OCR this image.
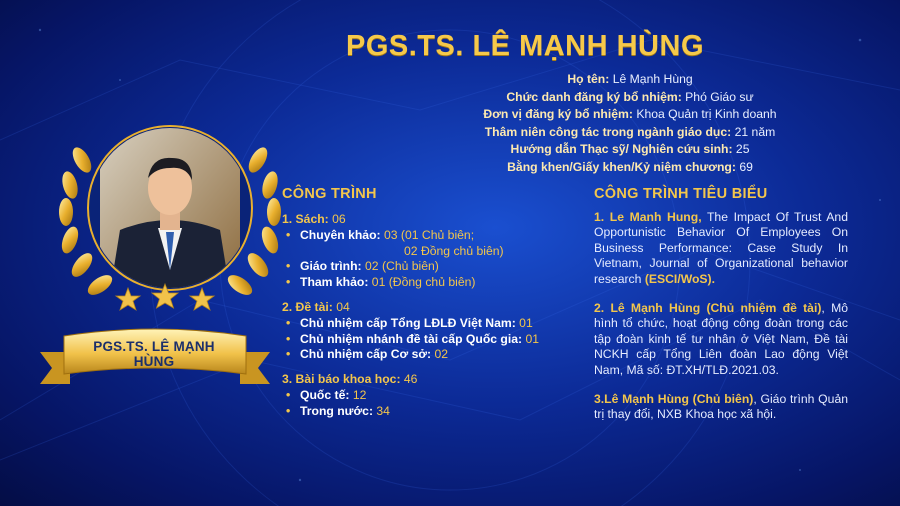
PGS.TS. LÊ MẠNH HÙNG
Họ tên: Lê Mạnh Hùng
Chức danh đăng ký bổ nhiệm: Phó Giáo sư
Đơn vị đăng ký bổ nhiệm: Khoa Quản trị Kinh doanh
Thâm niên công tác trong ngành giáo dục: 21 năm
Hướng dẫn Thạc sỹ/ Nghiên cứu sinh: 25
Bằng khen/Giấy khen/Kỷ niệm chương: 69
PGS.TS. LÊ MẠNH HÙNG
CÔNG TRÌNH
1. Sách: 06
• Chuyên khảo: 03 (01 Chủ biên;
02 Đồng chủ biên)
• Giáo trình: 02 (Chủ biên)
• Tham khảo: 01 (Đồng chủ biên)
2. Đề tài: 04
• Chủ nhiệm cấp Tổng LĐLĐ Việt Nam: 01
• Chủ nhiệm nhánh đề tài cấp Quốc gia: 01
• Chủ nhiệm cấp Cơ sở: 02
3. Bài báo khoa học: 46
• Quốc tế: 12
• Trong nước: 34
CÔNG TRÌNH TIÊU BIỂU
1. Le Manh Hung, The Impact Of Trust And Opportunistic Behavior Of Employees On Business Performance: Case Study In Vietnam, Journal of Organizational behavior research (ESCI/WoS).
2. Lê Mạnh Hùng (Chủ nhiệm đề tài), Mô hình tổ chức, hoạt động công đoàn trong các tập đoàn kinh tế tư nhân ở Việt Nam, Đề tài NCKH cấp Tổng Liên đoàn Lao động Việt Nam, Mã số: ĐT.XH/TLĐ.2021.03.
3.Lê Mạnh Hùng (Chủ biên), Giáo trình Quản trị thay đổi, NXB Khoa học xã hội.
